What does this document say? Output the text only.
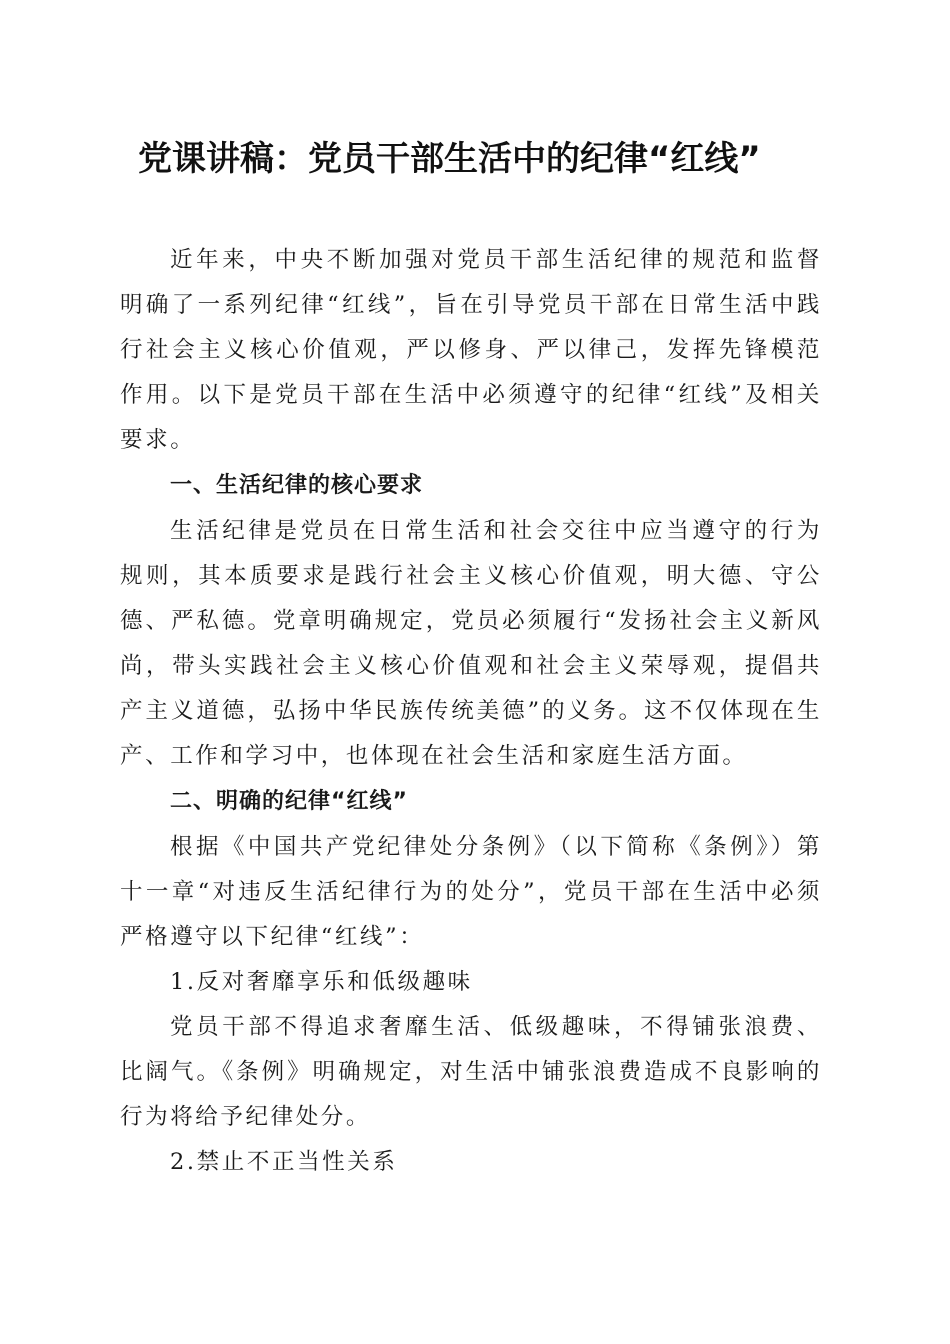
党课讲稿：党员干部生活中的纪律“红线”

近年来，中央不断加强对党员干部生活纪律的规范和监督明确了一系列纪律“红线”，旨在引导党员干部在日常生活中践行社会主义核心价值观，严以修身、严以律己，发挥先锋模范作用。以下是党员干部在生活中必须遵守的纪律“红线”及相关要求。

一、生活纪律的核心要求

生活纪律是党员在日常生活和社会交往中应当遵守的行为规则，其本质要求是践行社会主义核心价值观，明大德、守公德、严私德。党章明确规定，党员必须履行“发扬社会主义新风尚，带头实践社会主义核心价值观和社会主义荣辱观，提倡共产主义道德，弘扬中华民族传统美德”的义务。这不仅体现在生产、工作和学习中，也体现在社会生活和家庭生活方面。

二、明确的纪律“红线”

根据《中国共产党纪律处分条例》（以下简称《条例》）第十一章“对违反生活纪律行为的处分”，党员干部在生活中必须严格遵守以下纪律“红线”：

1.反对奢靡享乐和低级趣味

党员干部不得追求奢靡生活、低级趣味，不得铺张浪费、比阔气。《条例》明确规定，对生活中铺张浪费造成不良影响的行为将给予纪律处分。

2.禁止不正当性关系
